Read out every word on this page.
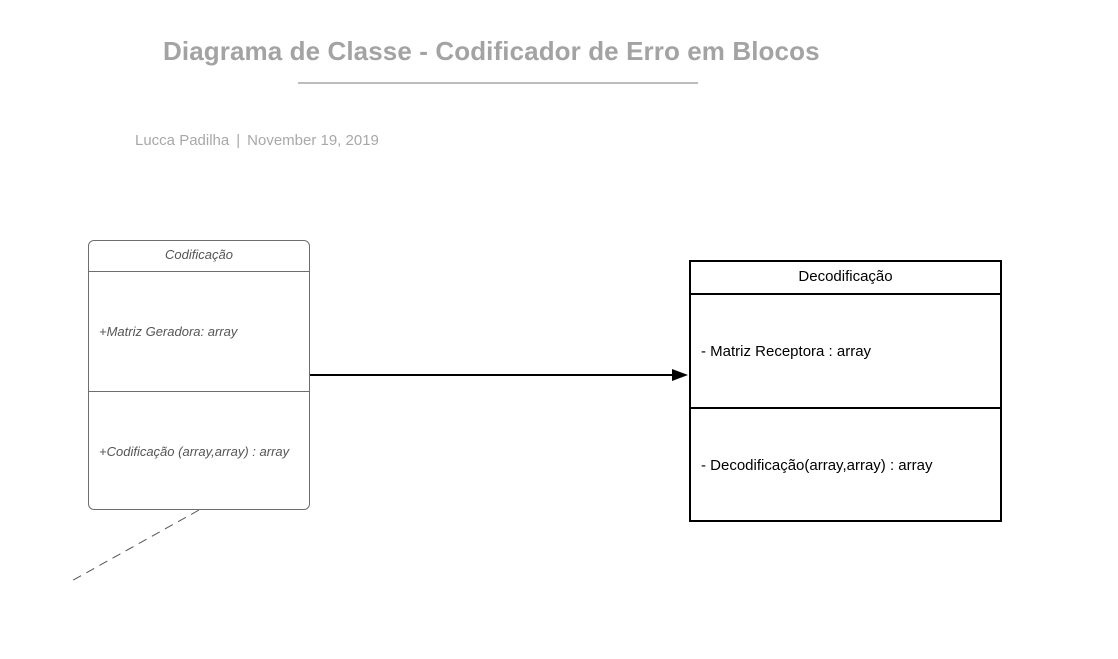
Diagrama de Classe - Codificador de Erro em Blocos
Lucca Padilha | November 19, 2019
Codificação
+Matriz Geradora: array
+Codificação (array,array) : array
Decodificação
- Matriz Receptora : array
- Decodificação(array,array) : array
